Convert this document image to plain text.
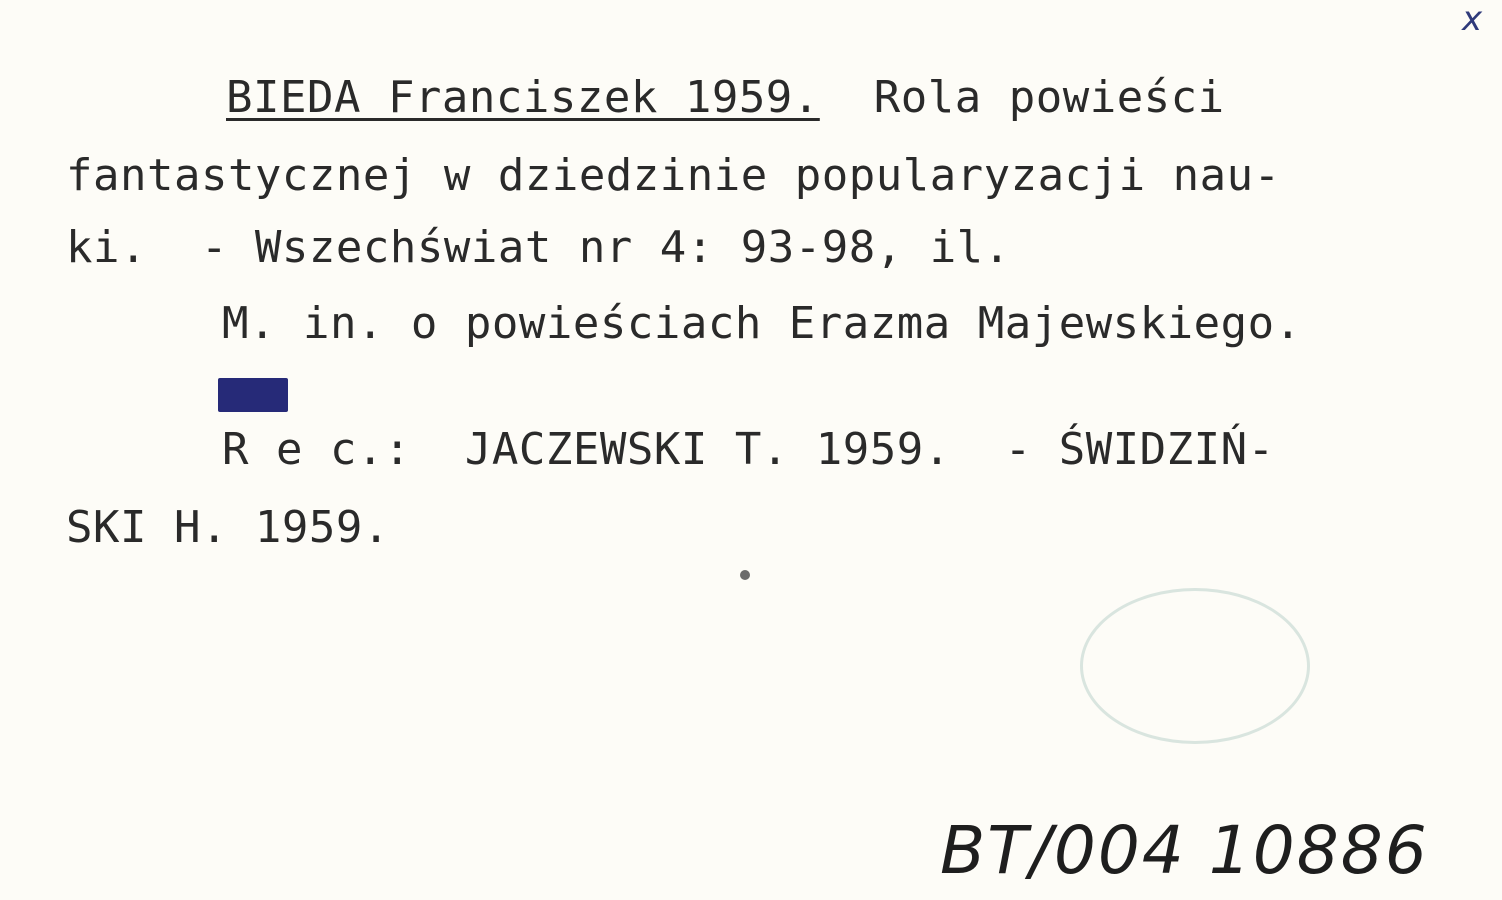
x

BIEDA Franciszek 1959.  Rola powieści

fantastycznej w dziedzinie popularyzacji nau-

ki.  - Wszechświat nr 4: 93-98, il.

M. in. o powieściach Erazma Majewskiego.

R e c.:  JACZEWSKI T. 1959.  - ŚWIDZIŃ-

SKI H. 1959.

BT/004 10886
